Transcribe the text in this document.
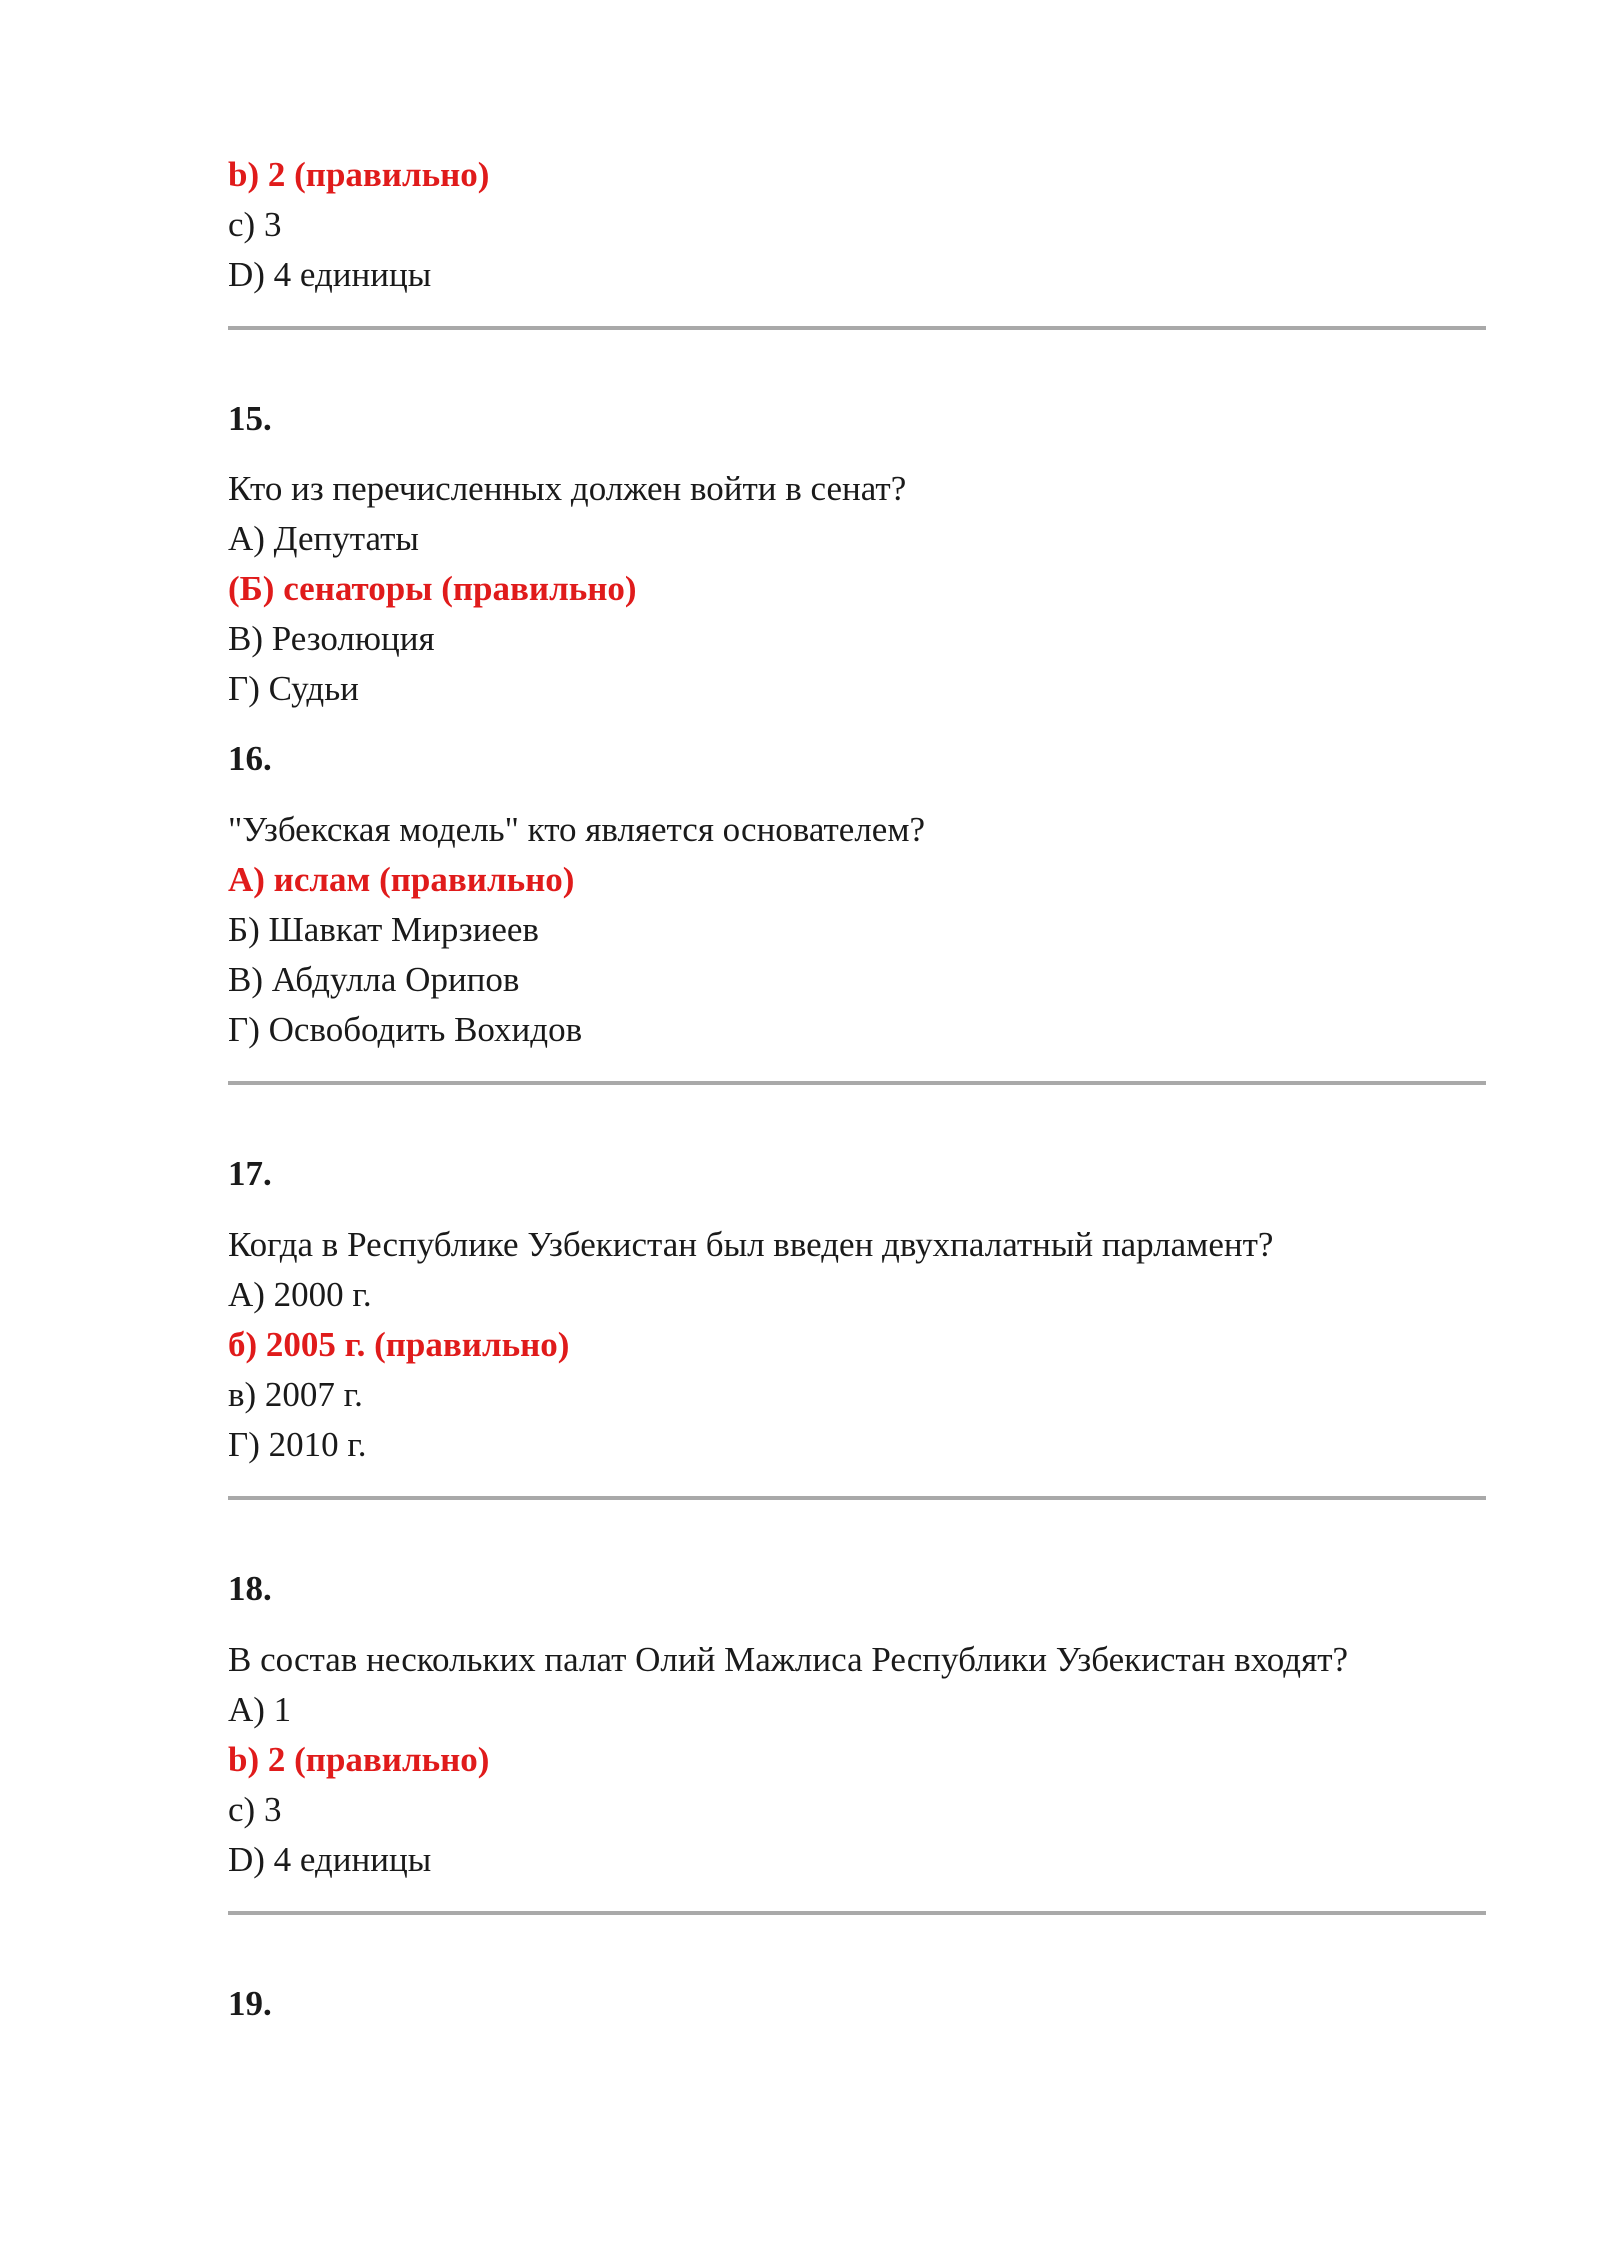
b) 2 (правильно)
c) 3
D) 4 единицы
15.
Кто из перечисленных должен войти в сенат?
А) Депутаты
(Б) сенаторы (правильно)
В) Резолюция
Г) Судьи
16.
"Узбекская модель" кто является основателем?
А) ислам (правильно)
Б) Шавкат Мирзиеев
В) Абдулла Орипов
Г) Освободить Вохидов
17.
Когда в Республике Узбекистан был введен двухпалатный парламент?
А) 2000 г.
б) 2005 г. (правильно)
в) 2007 г.
Г) 2010 г.
18.
В состав нескольких палат Олий Мажлиса Республики Узбекистан входят?
А) 1
b) 2 (правильно)
c) 3
D) 4 единицы
19.
